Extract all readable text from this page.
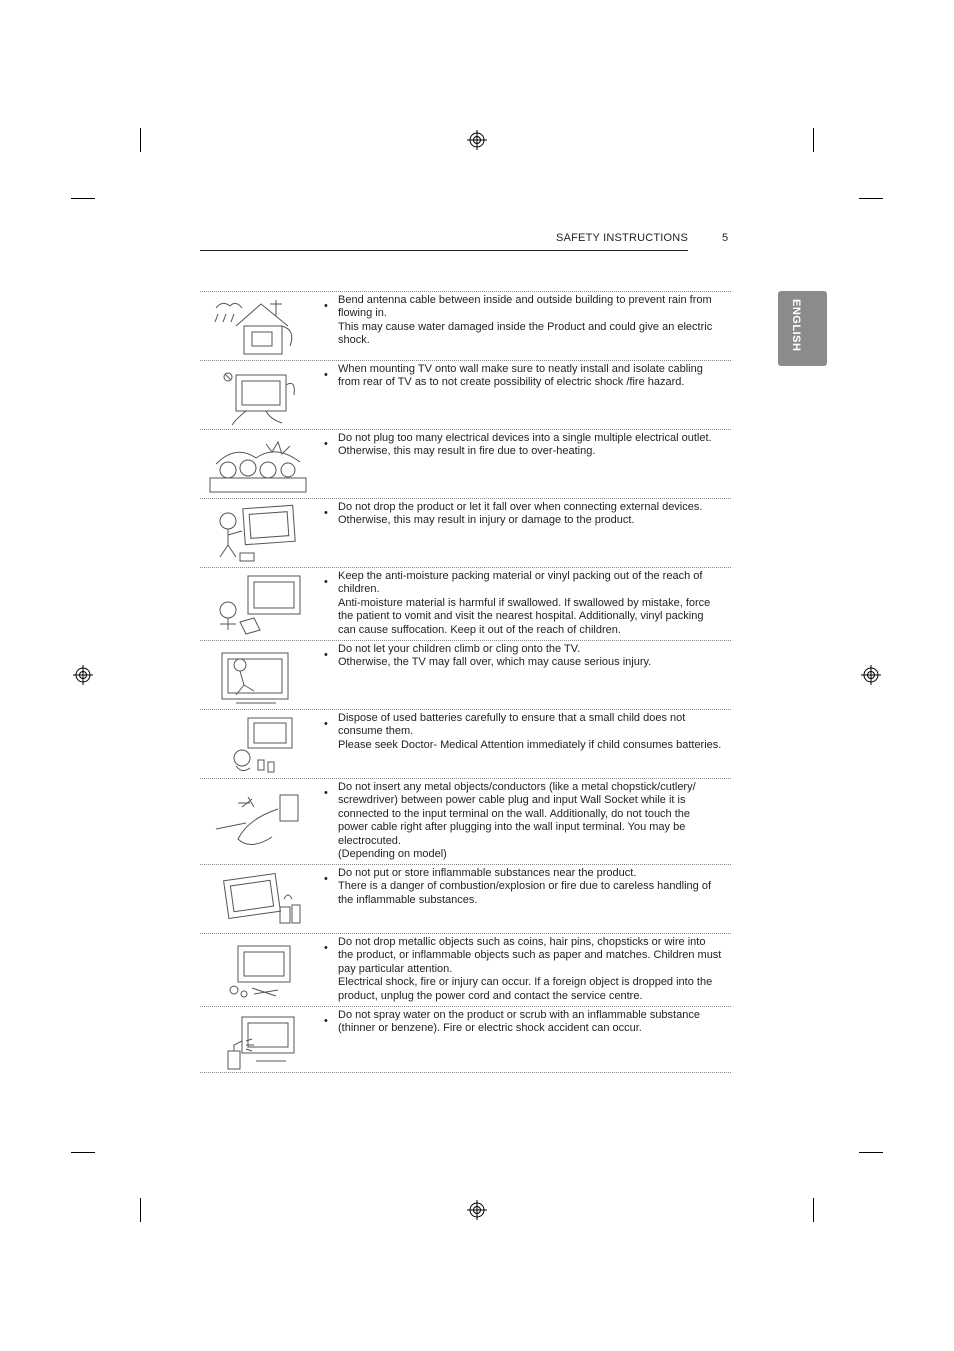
SAFETY INSTRUCTIONS	5
ENGLISH
• Bend antenna cable between inside and outside building to prevent rain from flowing in.

This may cause water damaged inside the Product and could give an electric shock.

• When mounting TV onto wall make sure to neatly install and isolate cabling from rear of TV as to not create possibility of electric shock /fire hazard.

• Do not plug too many electrical devices into a single multiple electrical outlet.

Otherwise, this may result in fire due to over-heating.

• Do not drop the product or let it fall over when connecting external devices.

Otherwise, this may result in injury or damage to the product.

• Keep the anti-moisture packing material or vinyl packing out of the reach of children.

Anti-moisture material is harmful if swallowed. If swallowed by mistake, force the patient to vomit and visit the nearest hospital. Additionally, vinyl packing can cause suffocation. Keep it out of the reach of children.

• Do not let your children climb or cling onto the TV.

Otherwise, the TV may fall over, which may cause serious injury.

• Dispose of used batteries carefully to ensure that a small child does not consume them.

Please seek Doctor- Medical Attention immediately if child consumes batteries.

• Do not insert any metal objects/conductors (like a metal chopstick/cutlery/ screwdriver) between power cable plug and input Wall Socket while it is connected to the input terminal on the wall. Additionally, do not touch the power cable right after plugging into the wall input terminal. You may be electrocuted.

(Depending on model)

• Do not put or store inflammable substances near the product.

There is a danger of combustion/explosion or fire due to careless handling of the inflammable substances.

• Do not drop metallic objects such as coins, hair pins, chopsticks or wire into the product, or inflammable objects such as paper and matches. Children must pay particular attention.

Electrical shock, fire or injury can occur. If a foreign object is dropped into the product, unplug the power cord and contact the service centre.

• Do not spray water on the product or scrub with an inflammable substance (thinner or benzene). Fire or electric shock accident can occur.
